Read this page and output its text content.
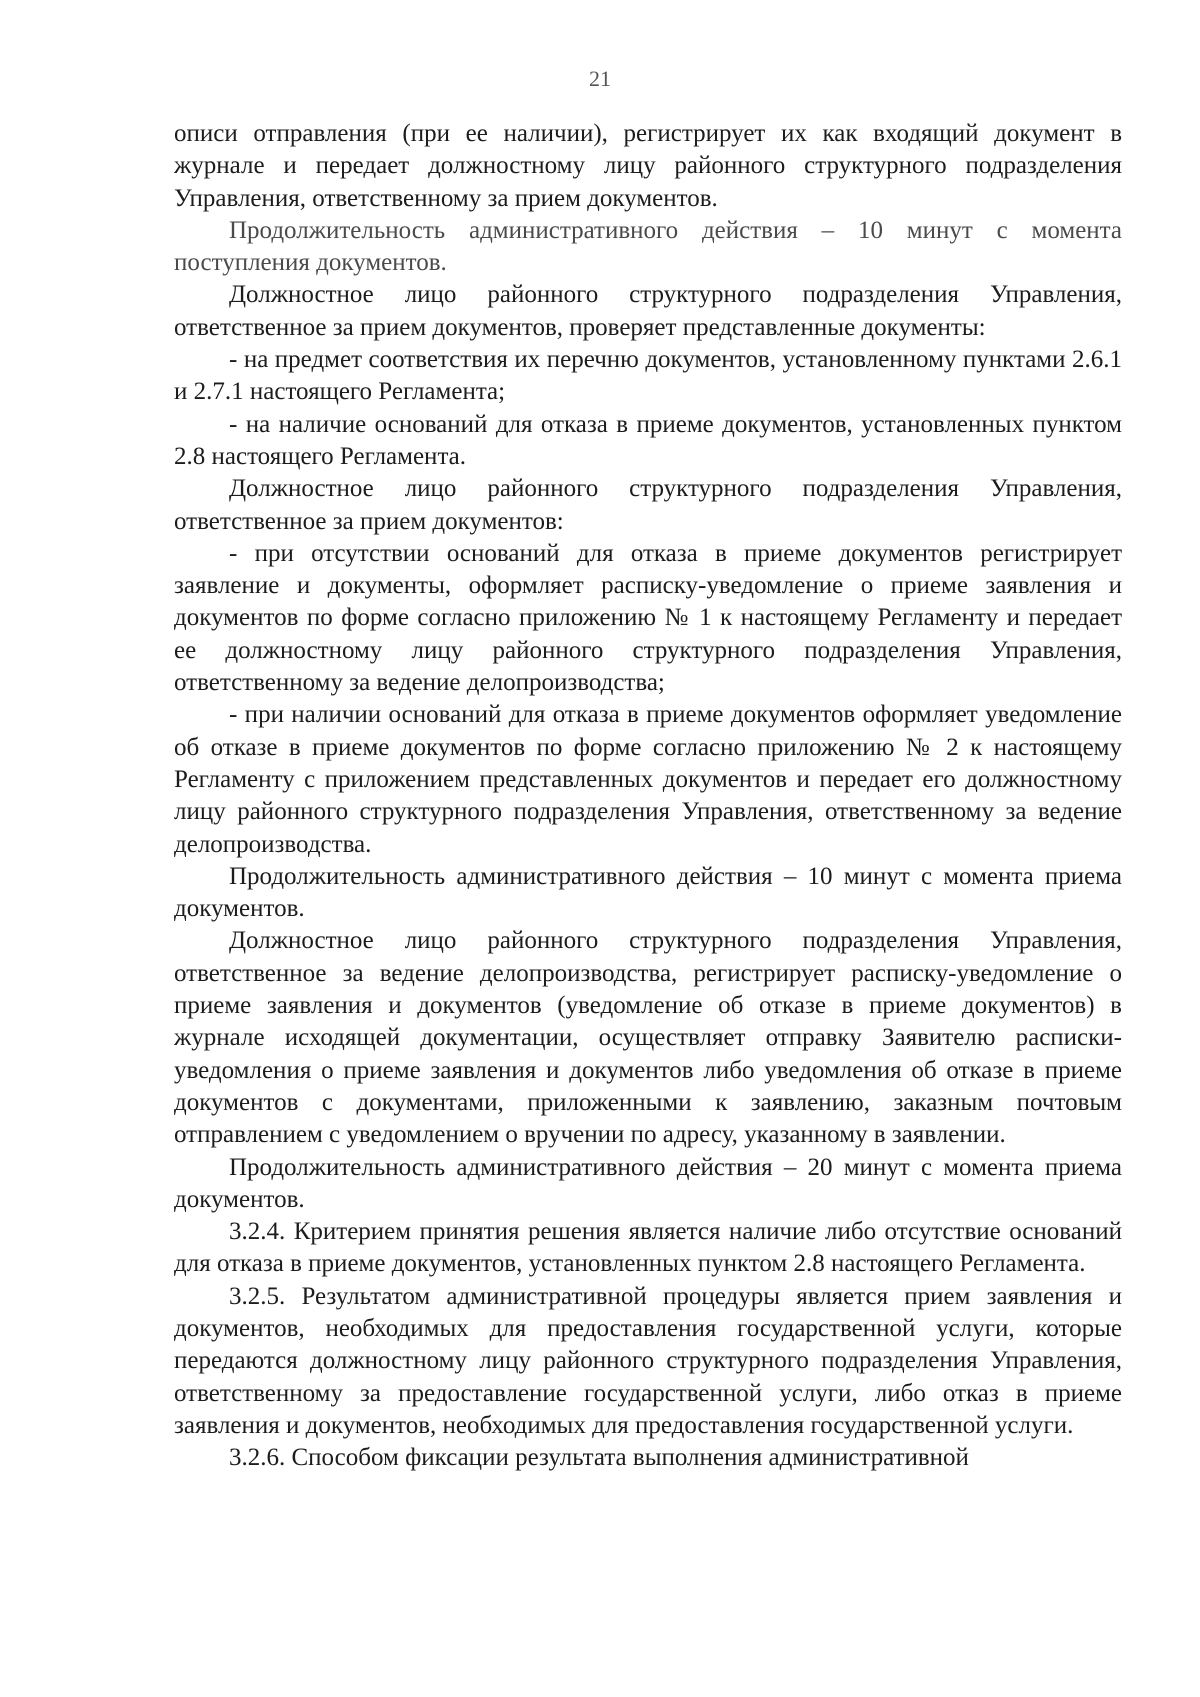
21

описи отправления (при ее наличии), регистрирует их как входящий документ в журнале и передает должностному лицу районного структурного подразделения Управления, ответственному за прием документов.

Продолжительность административного действия – 10 минут с момента поступления документов.

Должностное лицо районного структурного подразделения Управления, ответственное за прием документов, проверяет представленные документы:

- на предмет соответствия их перечню документов, установленному пунктами 2.6.1 и 2.7.1 настоящего Регламента;

- на наличие оснований для отказа в приеме документов, установленных пунктом 2.8 настоящего Регламента.

Должностное лицо районного структурного подразделения Управления, ответственное за прием документов:

- при отсутствии оснований для отказа в приеме документов регистрирует заявление и документы, оформляет расписку-уведомление о приеме заявления и документов по форме согласно приложению № 1 к настоящему Регламенту и передает ее должностному лицу районного структурного подразделения Управления, ответственному за ведение делопроизводства;

- при наличии оснований для отказа в приеме документов оформляет уведомление об отказе в приеме документов по форме согласно приложению № 2 к настоящему Регламенту с приложением представленных документов и передает его должностному лицу районного структурного подразделения Управления, ответственному за ведение делопроизводства.

Продолжительность административного действия – 10 минут с момента приема документов.

Должностное лицо районного структурного подразделения Управления, ответственное за ведение делопроизводства, регистрирует расписку-уведомление о приеме заявления и документов (уведомление об отказе в приеме документов) в журнале исходящей документации, осуществляет отправку Заявителю расписки-уведомления о приеме заявления и документов либо уведомления об отказе в приеме документов с документами, приложенными к заявлению, заказным почтовым отправлением с уведомлением о вручении по адресу, указанному в заявлении.

Продолжительность административного действия – 20 минут с момента приема документов.

3.2.4. Критерием принятия решения является наличие либо отсутствие оснований для отказа в приеме документов, установленных пунктом 2.8 настоящего Регламента.

3.2.5. Результатом административной процедуры является прием заявления и документов, необходимых для предоставления государственной услуги, которые передаются должностному лицу районного структурного подразделения Управления, ответственному за предоставление государственной услуги, либо отказ в приеме заявления и документов, необходимых для предоставления государственной услуги.

3.2.6. Способом фиксации результата выполнения административной
